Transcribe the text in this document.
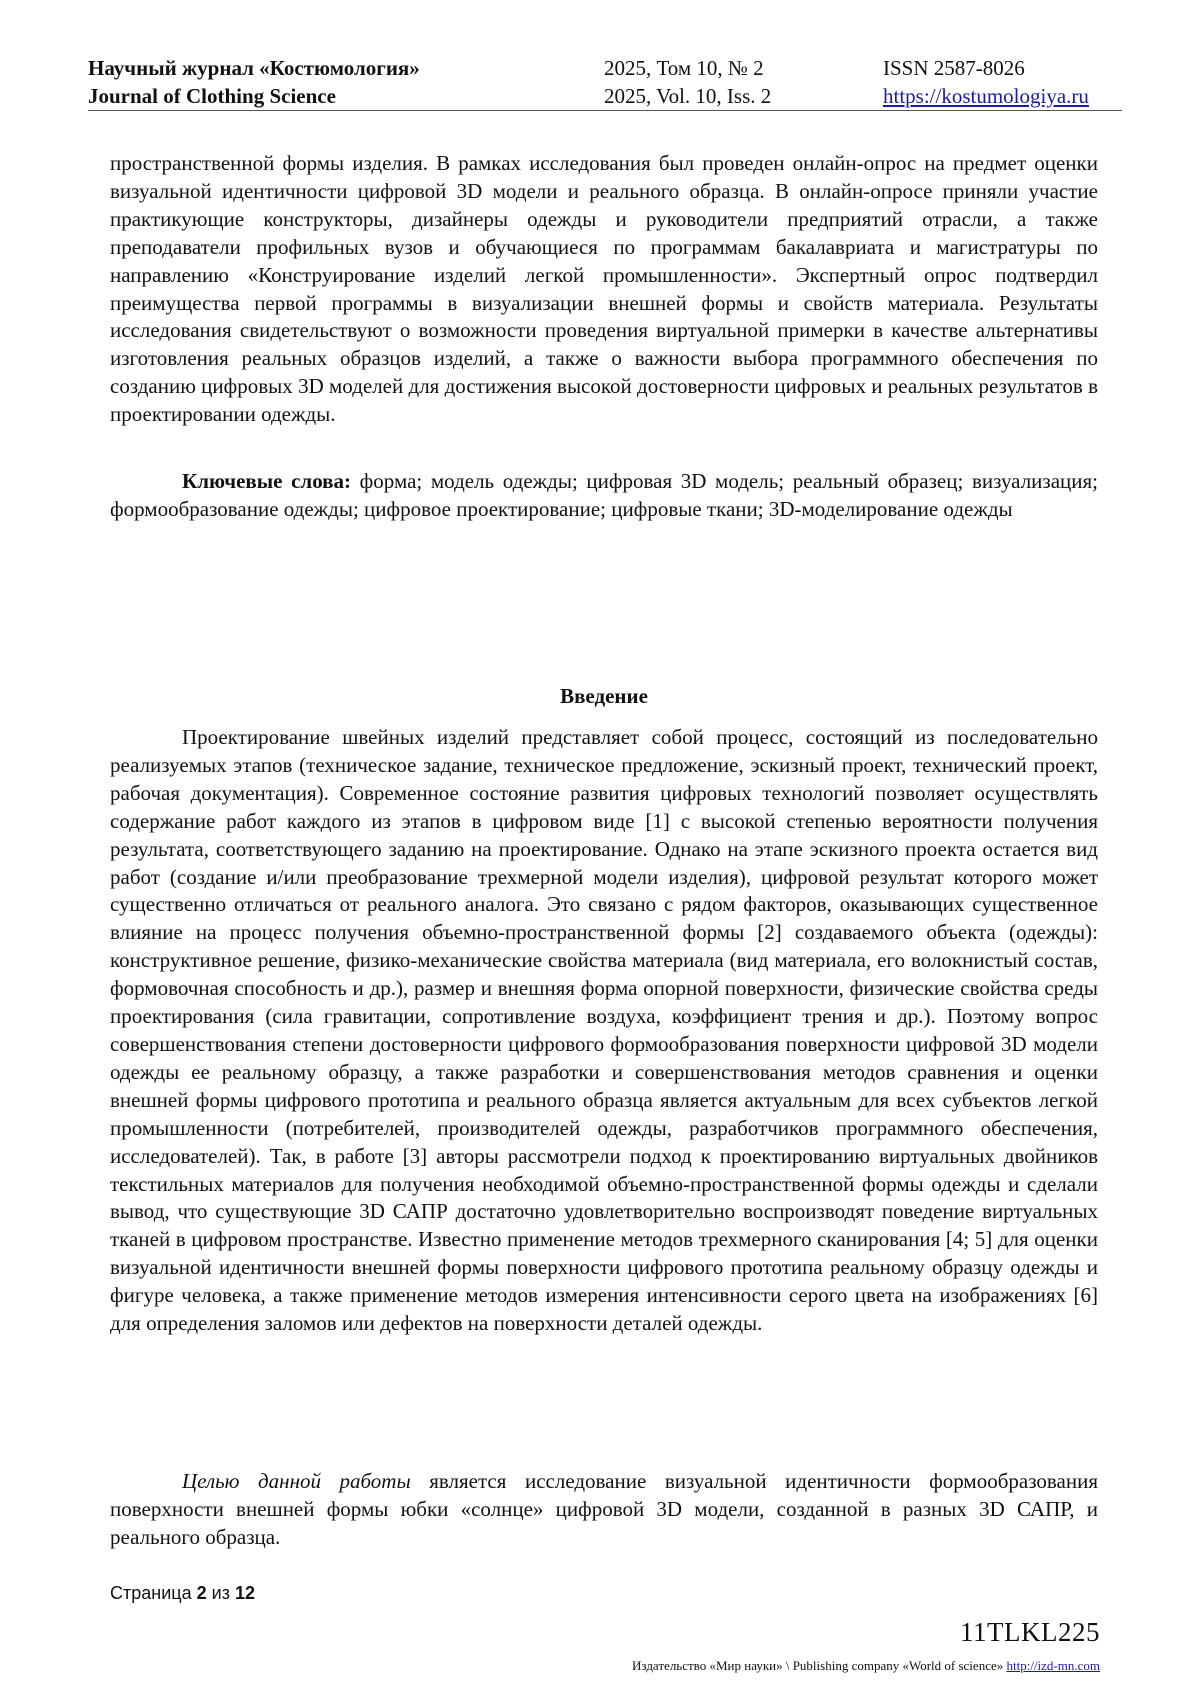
Научный журнал «Костюмология»
Journal of Clothing Science
2025, Том 10, № 2
2025, Vol. 10, Iss. 2
ISSN 2587-8026
https://kostumologiya.ru

пространственной формы изделия. В рамках исследования был проведен онлайн-опрос на предмет оценки визуальной идентичности цифровой 3D модели и реального образца. В онлайн-опросе приняли участие практикующие конструкторы, дизайнеры одежды и руководители предприятий отрасли, а также преподаватели профильных вузов и обучающиеся по программам бакалавриата и магистратуры по направлению «Конструирование изделий легкой промышленности». Экспертный опрос подтвердил преимущества первой программы в визуализации внешней формы и свойств материала. Результаты исследования свидетельствуют о возможности проведения виртуальной примерки в качестве альтернативы изготовления реальных образцов изделий, а также о важности выбора программного обеспечения по созданию цифровых 3D моделей для достижения высокой достоверности цифровых и реальных результатов в проектировании одежды.

Ключевые слова: форма; модель одежды; цифровая 3D модель; реальный образец; визуализация; формообразование одежды; цифровое проектирование; цифровые ткани; 3D-моделирование одежды

Введение

Проектирование швейных изделий представляет собой процесс, состоящий из последовательно реализуемых этапов (техническое задание, техническое предложение, эскизный проект, технический проект, рабочая документация). Современное состояние развития цифровых технологий позволяет осуществлять содержание работ каждого из этапов в цифровом виде [1] с высокой степенью вероятности получения результата, соответствующего заданию на проектирование. Однако на этапе эскизного проекта остается вид работ (создание и/или преобразование трехмерной модели изделия), цифровой результат которого может существенно отличаться от реального аналога. Это связано с рядом факторов, оказывающих существенное влияние на процесс получения объемно-пространственной формы [2] создаваемого объекта (одежды): конструктивное решение, физико-механические свойства материала (вид материала, его волокнистый состав, формовочная способность и др.), размер и внешняя форма опорной поверхности, физические свойства среды проектирования (сила гравитации, сопротивление воздуха, коэффициент трения и др.). Поэтому вопрос совершенствования степени достоверности цифрового формообразования поверхности цифровой 3D модели одежды ее реальному образцу, а также разработки и совершенствования методов сравнения и оценки внешней формы цифрового прототипа и реального образца является актуальным для всех субъектов легкой промышленности (потребителей, производителей одежды, разработчиков программного обеспечения, исследователей). Так, в работе [3] авторы рассмотрели подход к проектированию виртуальных двойников текстильных материалов для получения необходимой объемно-пространственной формы одежды и сделали вывод, что существующие 3D САПР достаточно удовлетворительно воспроизводят поведение виртуальных тканей в цифровом пространстве. Известно применение методов трехмерного сканирования [4; 5] для оценки визуальной идентичности внешней формы поверхности цифрового прототипа реальному образцу одежды и фигуре человека, а также применение методов измерения интенсивности серого цвета на изображениях [6] для определения заломов или дефектов на поверхности деталей одежды.

Целью данной работы является исследование визуальной идентичности формообразования поверхности внешней формы юбки «солнце» цифровой 3D модели, созданной в разных 3D САПР, и реального образца.

Страница 2 из 12
11TLKL225
Издательство «Мир науки» \ Publishing company «World of science» http://izd-mn.com
